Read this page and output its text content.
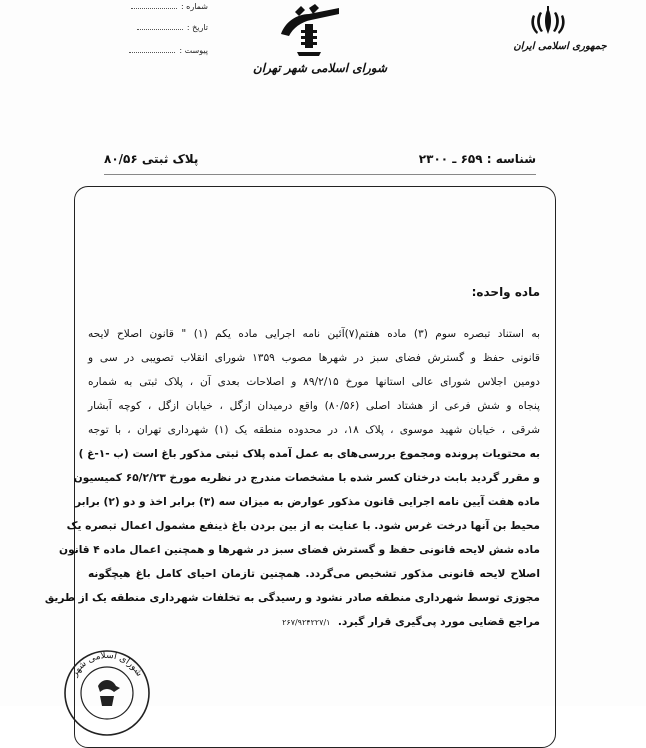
جمهوری اسلامی ایران
شورای اسلامی شهر تهران
شماره :
تاریخ :
پیوست :
شناسه : ۶۵۹ ـ ۲۳۰۰
پلاک ثبتی ۸۰/۵۶
ماده واحده:
به استناد تبصره سوم (۳) ماده هفتم(۷)آئین نامه اجرایی ماده یکم (۱) " قانون اصلاح لایحه
قانونی حفظ و گسترش فضای سبز در شهرها مصوب ۱۳۵۹ شورای انقلاب تصویبی در سی و
دومین اجلاس شورای عالی استانها مورخ ۸۹/۲/۱۵ و اصلاحات بعدی آن ، پلاک ثبتی به شماره
پنجاه و شش فرعی از هشتاد اصلی (۸۰/۵۶) واقع درمیدان ازگل ، خیابان ازگل ، کوچه آبشار
شرقی ، خیابان شهید موسوی ، پلاک ۱۸، در محدوده منطقه یک (۱) شهرداری تهران ، با توجه
به محتویات پرونده ومجموع بررسی‌های به عمل آمده پلاک ثبتی مذکور باغ است (ب -۱-غ )
و مقرر گردید بابت درختان کسر شده با مشخصات مندرج در نظریه مورخ ۶۵/۲/۲۳ کمیسیون
ماده هفت آیین نامه اجرایی قانون مذکور عوارض به میزان سه (۳) برابر اخذ و دو (۲) برابر
محیط بن آنها درخت غرس شود. با عنایت به از بین بردن باغ ذینفع مشمول اعمال تبصره یک
ماده شش لایحه قانونی حفظ و گسترش فضای سبز در شهرها و همچنین اعمال ماده ۴ قانون
اصلاح لایحه قانونی مذکور تشخیص می‌گردد. همچنین تازمان احیای کامل باغ هیچگونه
مجوزی توسط شهرداری منطقه صادر نشود و رسیدگی به تخلفات شهرداری منطقه یک از طریق
مراجع قضایی مورد پی‌گیری قرار گیرد.  ۲۶۷/۹۲۴۲۲۷/۱
شورای اسلامی شهر
